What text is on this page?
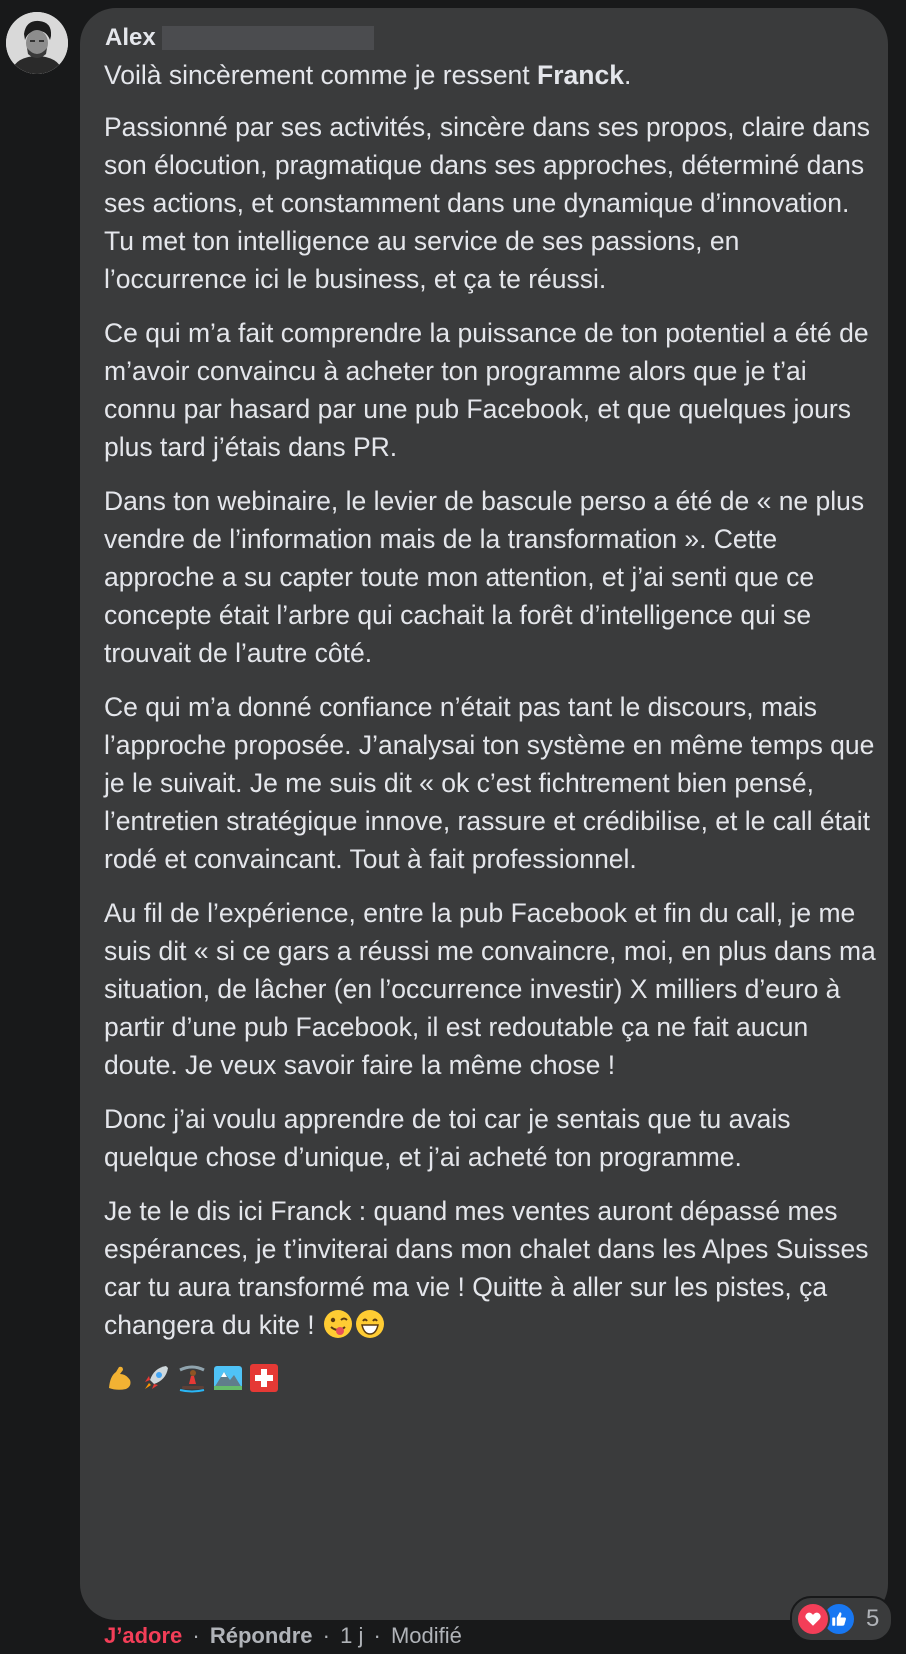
Alex

Voilà sincèrement comme je ressent Franck.

Passionné par ses activités, sincère dans ses propos, claire dans son élocution, pragmatique dans ses approches, déterminé dans ses actions, et constamment dans une dynamique d’innovation. Tu met ton intelligence au service de ses passions, en l’occurrence ici le business, et ça te réussi.

Ce qui m’a fait comprendre la puissance de ton potentiel a été de m’avoir convaincu à acheter ton programme alors que je t’ai connu par hasard par une pub Facebook, et que quelques jours plus tard j’étais dans PR.

Dans ton webinaire, le levier de bascule perso a été de « ne plus vendre de l’information mais de la transformation ». Cette approche a su capter toute mon attention, et j’ai senti que ce concepte était l’arbre qui cachait la forêt d’intelligence qui se trouvait de l’autre côté.

Ce qui m’a donné confiance n’était pas tant le discours, mais l’approche proposée. J’analysai ton système en même temps que je le suivait. Je me suis dit « ok c’est fichtrement bien pensé, l’entretien stratégique innove, rassure et crédibilise, et le call était rodé et convaincant. Tout à fait professionnel.

Au fil de l’expérience, entre la pub Facebook et fin du call, je me suis dit « si ce gars a réussi me convaincre, moi, en plus dans ma situation, de lâcher (en l’occurrence investir) X milliers d’euro à partir d’une pub Facebook, il est redoutable ça ne fait aucun doute. Je veux savoir faire la même chose !

Donc j’ai voulu apprendre de toi car je sentais que tu avais quelque chose d’unique, et j’ai acheté ton programme.

Je te le dis ici Franck : quand mes ventes auront dépassé mes espérances, je t’inviterai dans mon chalet dans les Alpes Suisses car tu aura transformé ma vie ! Quitte à aller sur les pistes, ça changera du kite !

5
J’adore · Répondre · 1 j · Modifié
